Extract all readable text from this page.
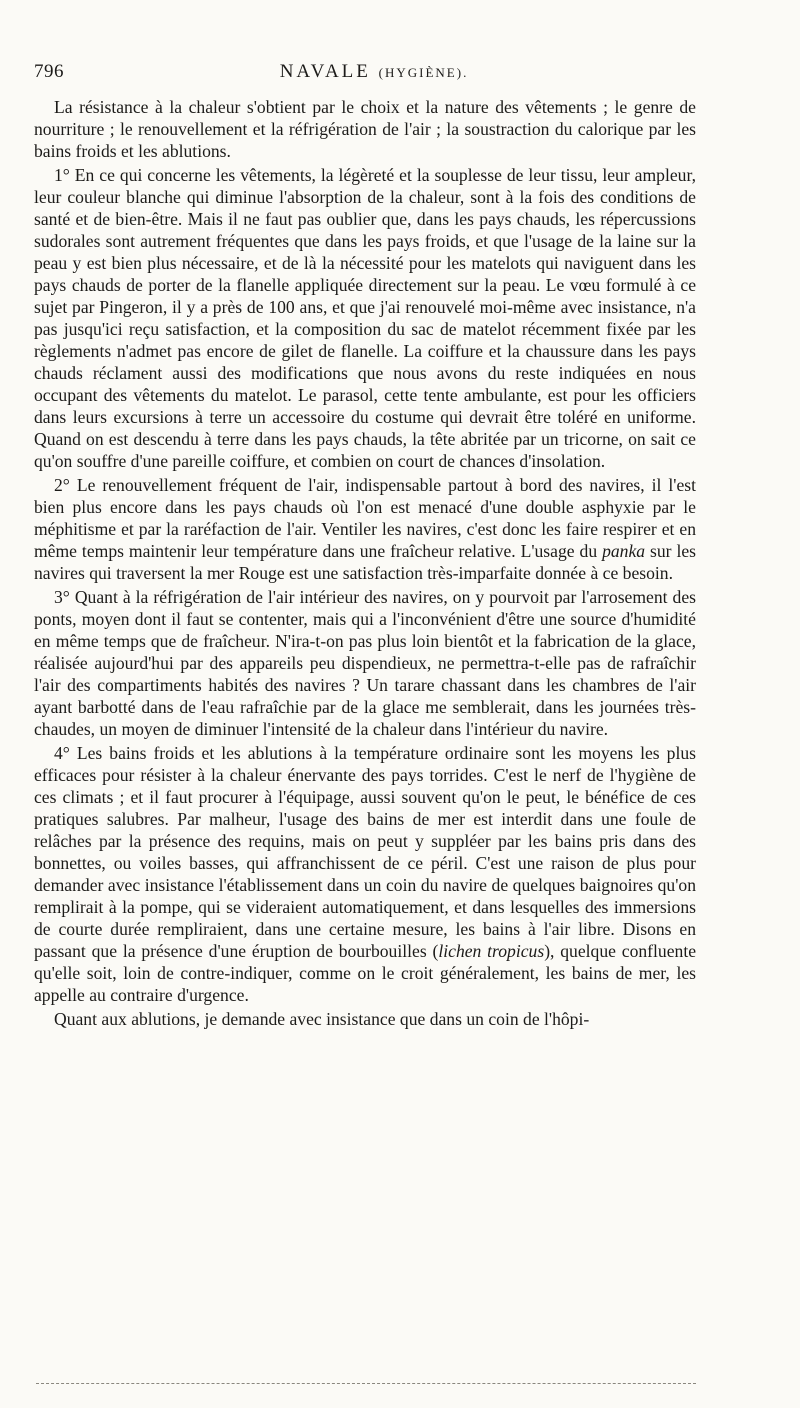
796	NAVALE (HYGIÈNE).

La résistance à la chaleur s'obtient par le choix et la nature des vêtements ; le genre de nourriture ; le renouvellement et la réfrigération de l'air ; la soustraction du calorique par les bains froids et les ablutions.

1° En ce qui concerne les vêtements, la légèreté et la souplesse de leur tissu, leur ampleur, leur couleur blanche qui diminue l'absorption de la chaleur, sont à la fois des conditions de santé et de bien-être. Mais il ne faut pas oublier que, dans les pays chauds, les répercussions sudorales sont autrement fréquentes que dans les pays froids, et que l'usage de la laine sur la peau y est bien plus nécessaire, et de là la nécessité pour les matelots qui naviguent dans les pays chauds de porter de la flanelle appliquée directement sur la peau. Le vœu formulé à ce sujet par Pingeron, il y a près de 100 ans, et que j'ai renouvelé moi-même avec insistance, n'a pas jusqu'ici reçu satisfaction, et la composition du sac de matelot récemment fixée par les règlements n'admet pas encore de gilet de flanelle. La coiffure et la chaussure dans les pays chauds réclament aussi des modifications que nous avons du reste indiquées en nous occupant des vêtements du matelot. Le parasol, cette tente ambulante, est pour les officiers dans leurs excursions à terre un accessoire du costume qui devrait être toléré en uniforme. Quand on est descendu à terre dans les pays chauds, la tête abritée par un tricorne, on sait ce qu'on souffre d'une pareille coiffure, et combien on court de chances d'insolation.

2° Le renouvellement fréquent de l'air, indispensable partout à bord des navires, il l'est bien plus encore dans les pays chauds où l'on est menacé d'une double asphyxie par le méphitisme et par la raréfaction de l'air. Ventiler les navires, c'est donc les faire respirer et en même temps maintenir leur température dans une fraîcheur relative. L'usage du panka sur les navires qui traversent la mer Rouge est une satisfaction très-imparfaite donnée à ce besoin.

3° Quant à la réfrigération de l'air intérieur des navires, on y pourvoit par l'arrosement des ponts, moyen dont il faut se contenter, mais qui a l'inconvénient d'être une source d'humidité en même temps que de fraîcheur. N'ira-t-on pas plus loin bientôt et la fabrication de la glace, réalisée aujourd'hui par des appareils peu dispendieux, ne permettra-t-elle pas de rafraîchir l'air des compartiments habités des navires ? Un tarare chassant dans les chambres de l'air ayant barbotté dans de l'eau rafraîchie par de la glace me semblerait, dans les journées très-chaudes, un moyen de diminuer l'intensité de la chaleur dans l'intérieur du navire.

4° Les bains froids et les ablutions à la température ordinaire sont les moyens les plus efficaces pour résister à la chaleur énervante des pays torrides. C'est le nerf de l'hygiène de ces climats ; et il faut procurer à l'équipage, aussi souvent qu'on le peut, le bénéfice de ces pratiques salubres. Par malheur, l'usage des bains de mer est interdit dans une foule de relâches par la présence des requins, mais on peut y suppléer par les bains pris dans des bonnettes, ou voiles basses, qui affranchissent de ce péril. C'est une raison de plus pour demander avec insistance l'établissement dans un coin du navire de quelques baignoires qu'on remplirait à la pompe, qui se videraient automatiquement, et dans lesquelles des immersions de courte durée rempliraient, dans une certaine mesure, les bains à l'air libre. Disons en passant que la présence d'une éruption de bourbouilles (lichen tropicus), quelque confluente qu'elle soit, loin de contre-indiquer, comme on le croit généralement, les bains de mer, les appelle au contraire d'urgence.

Quant aux ablutions, je demande avec insistance que dans un coin de l'hôpi-
